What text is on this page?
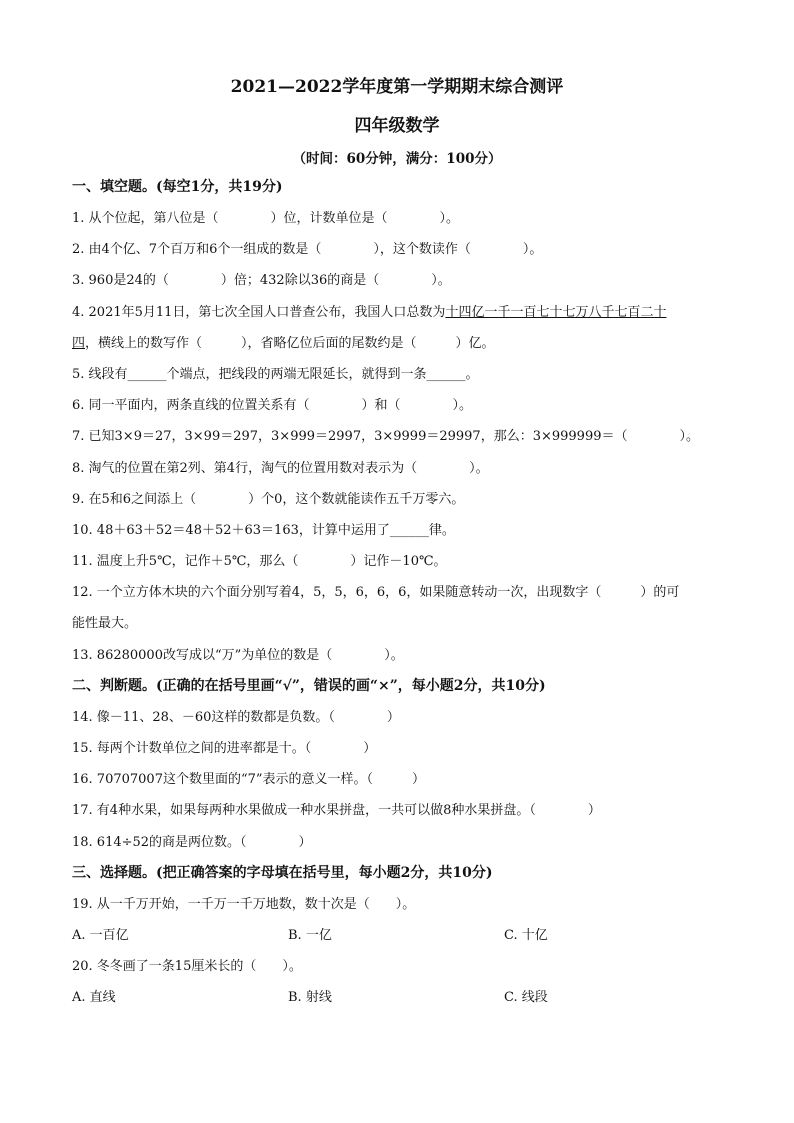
2021—2022学年度第一学期期末综合测评
四年级数学
（时间：60分钟，满分：100分）
一、填空题。(每空1分，共19分)
1. 从个位起，第八位是（　　　　）位，计数单位是（　　　　）。
2. 由4个亿、7个百万和6个一组成的数是（　　　　），这个数读作（　　　　）。
3. 960是24的（　　　　）倍；432除以36的商是（　　　　）。
4. 2021年5月11日，第七次全国人口普查公布，我国人口总数为十四亿一千一百七十七万八千七百二十
四，横线上的数写作（　　　），省略亿位后面的尾数约是（　　　）亿。
5. 线段有______个端点，把线段的两端无限延长，就得到一条______。
6. 同一平面内，两条直线的位置关系有（　　　　）和（　　　　）。
7. 已知3×9＝27，3×99＝297，3×999＝2997，3×9999＝29997，那么：3×999999＝（　　　　）。
8. 淘气的位置在第2列、第4行，淘气的位置用数对表示为（　　　　）。
9. 在5和6之间添上（　　　　）个0，这个数就能读作五千万零六。
10. 48＋63＋52＝48＋52＋63＝163，计算中运用了______律。
11. 温度上升5℃，记作＋5℃，那么（　　　　）记作－10℃。
12. 一个立方体木块的六个面分别写着4，5，5，6，6，6，如果随意转动一次，出现数字（　　　）的可
能性最大。
13. 86280000改写成以“万”为单位的数是（　　　　）。
二、判断题。(正确的在括号里画“√”，错误的画“×”，每小题2分，共10分)
14. 像－11、28、－60这样的数都是负数。（　　　　）
15. 每两个计数单位之间的进率都是十。（　　　　）
16. 70707007这个数里面的“7”表示的意义一样。（　　　）
17. 有4种水果，如果每两种水果做成一种水果拼盘，一共可以做8种水果拼盘。（　　　　）
18. 614÷52的商是两位数。（　　　　）
三、选择题。(把正确答案的字母填在括号里，每小题2分，共10分)
19. 从一千万开始，一千万一千万地数，数十次是（　　）。
A. 一百亿	B. 一亿	C. 十亿
20. 冬冬画了一条15厘米长的（　　）。
A. 直线	B. 射线	C. 线段
